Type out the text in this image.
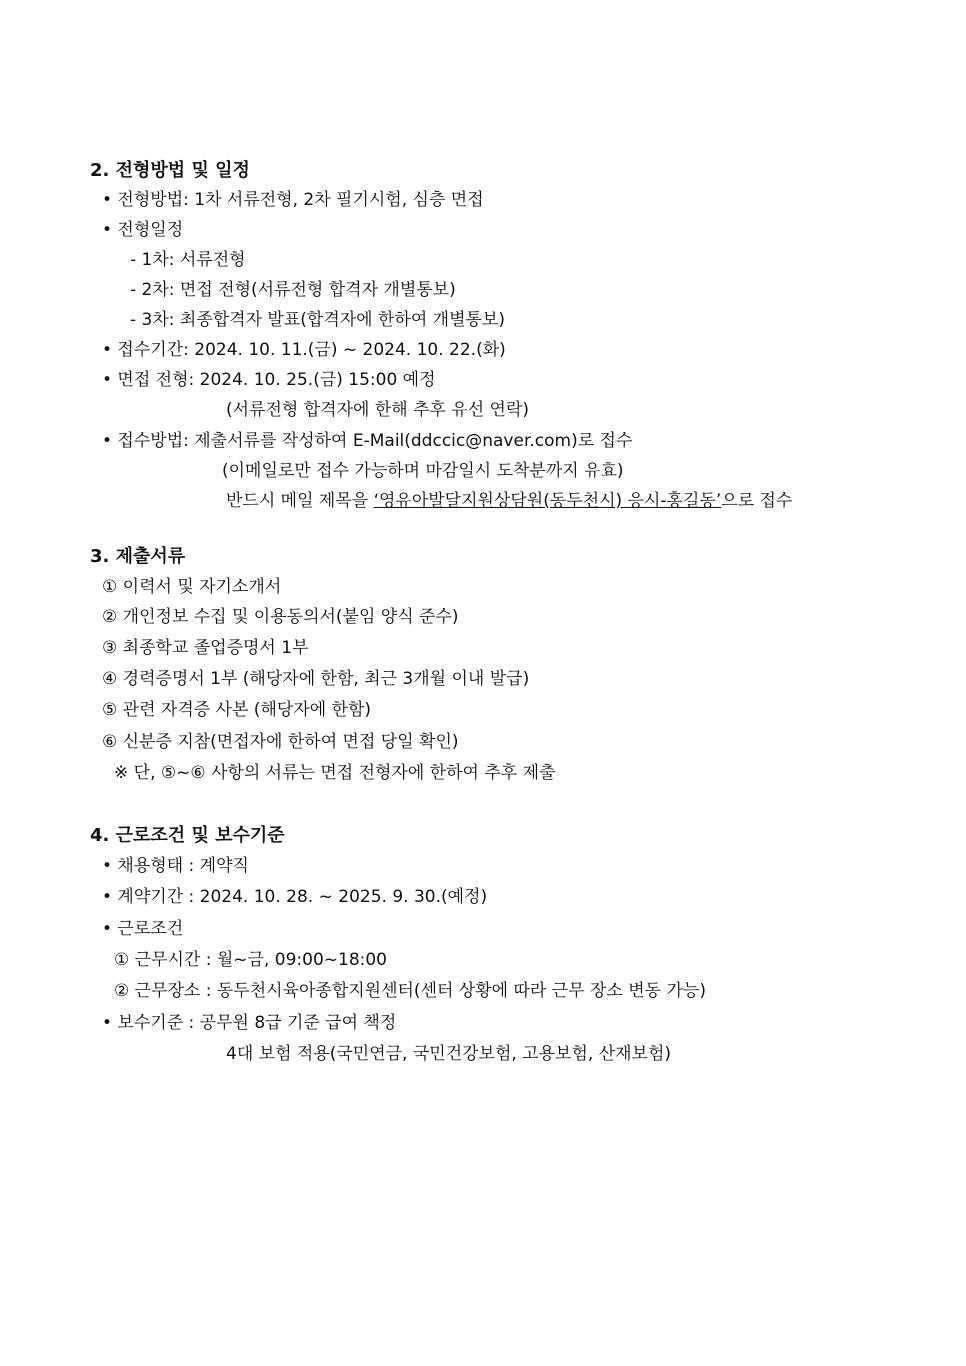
2. 전형방법 및 일정
• 전형방법: 1차 서류전형, 2차 필기시험, 심층 면접
• 전형일정
- 1차: 서류전형
- 2차: 면접 전형(서류전형 합격자 개별통보)
- 3차: 최종합격자 발표(합격자에 한하여 개별통보)
• 접수기간: 2024. 10. 11.(금) ~ 2024. 10. 22.(화)
• 면접 전형: 2024. 10. 25.(금) 15:00 예정
(서류전형 합격자에 한해 추후 유선 연락)
• 접수방법: 제출서류를 작성하여 E-Mail(ddccic@naver.com)로 접수
(이메일로만 접수 가능하며 마감일시 도착분까지 유효)
반드시 메일 제목을 ‘영유아발달지원상담원(동두천시) 응시-홍길동’으로 접수
3. 제출서류
① 이력서 및 자기소개서
② 개인정보 수집 및 이용동의서(붙임 양식 준수)
③ 최종학교 졸업증명서 1부
④ 경력증명서 1부 (해당자에 한함, 최근 3개월 이내 발급)
⑤ 관련 자격증 사본 (해당자에 한함)
⑥ 신분증 지참(면접자에 한하여 면접 당일 확인)
※ 단, ⑤~⑥ 사항의 서류는 면접 전형자에 한하여 추후 제출
4. 근로조건 및 보수기준
• 채용형태 : 계약직
• 계약기간 : 2024. 10. 28. ~ 2025. 9. 30.(예정)
• 근로조건
① 근무시간 : 월~금, 09:00~18:00
② 근무장소 : 동두천시육아종합지원센터(센터 상황에 따라 근무 장소 변동 가능)
• 보수기준 : 공무원 8급 기준 급여 책정
4대 보험 적용(국민연금, 국민건강보험, 고용보험, 산재보험)
